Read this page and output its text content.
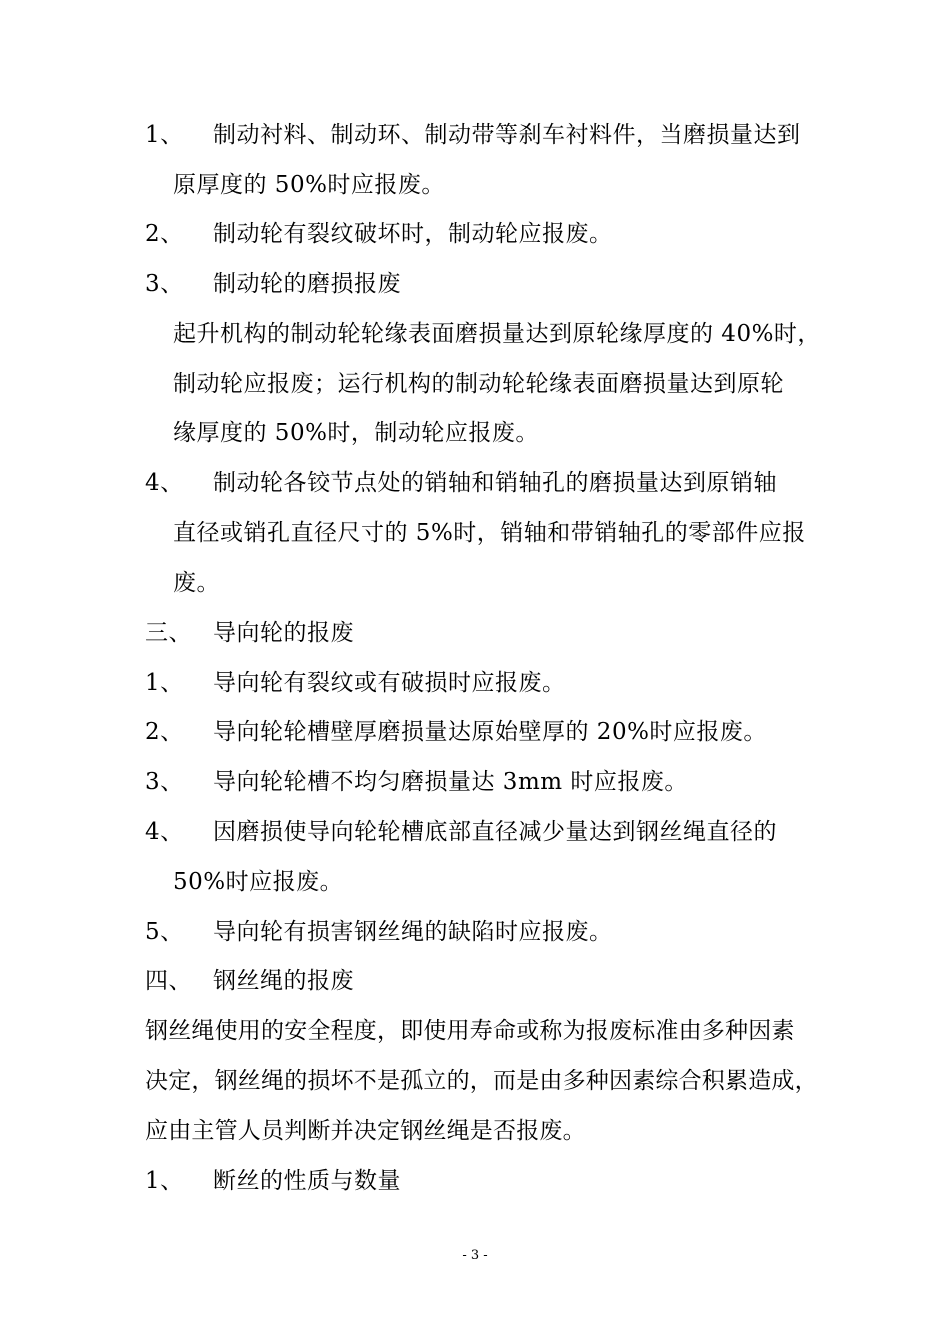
1、 制动衬料、制动环、制动带等刹车衬料件，当磨损量达到
原厚度的 50%时应报废。
2、 制动轮有裂纹破坏时，制动轮应报废。
3、 制动轮的磨损报废
起升机构的制动轮轮缘表面磨损量达到原轮缘厚度的 40%时，
制动轮应报废；运行机构的制动轮轮缘表面磨损量达到原轮
缘厚度的 50%时，制动轮应报废。
4、 制动轮各铰节点处的销轴和销轴孔的磨损量达到原销轴
直径或销孔直径尺寸的 5%时，销轴和带销轴孔的零部件应报
废。
三、 导向轮的报废
1、 导向轮有裂纹或有破损时应报废。
2、 导向轮轮槽壁厚磨损量达原始壁厚的 20%时应报废。
3、 导向轮轮槽不均匀磨损量达 3mm 时应报废。
4、 因磨损使导向轮轮槽底部直径减少量达到钢丝绳直径的
50%时应报废。
5、 导向轮有损害钢丝绳的缺陷时应报废。
四、 钢丝绳的报废
钢丝绳使用的安全程度，即使用寿命或称为报废标准由多种因素
决定，钢丝绳的损坏不是孤立的，而是由多种因素综合积累造成，
应由主管人员判断并决定钢丝绳是否报废。
1、 断丝的性质与数量
- 3 -
